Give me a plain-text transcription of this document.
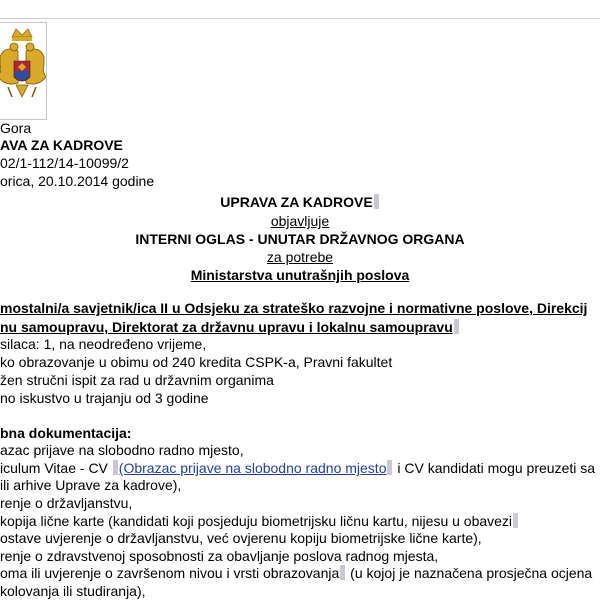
Gora
AVA ZA KADROVE
02/1-112/14-10099/2
orica, 20.10.2014 godine
UPRAVA ZA KADROVE
objavljuje
INTERNI OGLAS - UNUTAR DRŽAVNOG ORGANA
za potrebe
Ministarstva unutrašnjih poslova
mostalni/a savjetnik/ica II u Odsjeku za strateško razvojne i normativne poslove, Direkcij
nu samoupravu, Direktorat za državnu upravu i lokalnu samoupravu
silaca: 1, na neodređeno vrijeme,
ko obrazovanje u obimu od 240 kredita CSPK-a, Pravni fakultet
žen stručni ispit za rad u državnim organima
no iskustvo u trajanju od 3 godine
bna dokumentacija:
azac prijave na slobodno radno mjesto,
iculum Vitae - CV (Obrazac prijave na slobodno radno mjesto i CV kandidati mogu preuzeti sa
ili arhive Uprave za kadrove),
renje o državljanstvu,
kopija lične karte (kandidati koji posjeduju biometrijsku ličnu kartu, nijesu u obavezi
ostave uvjerenje o državljanstvu, već ovjerenu kopiju biometrijske lične karte),
renje o zdravstvenoj sposobnosti za obavljanje poslova radnog mjesta,
oma ili uvjerenje o završenom nivou i vrsti obrazovanja (u kojoj je naznačena prosječna ocjena
kolovanja ili studiranja),
